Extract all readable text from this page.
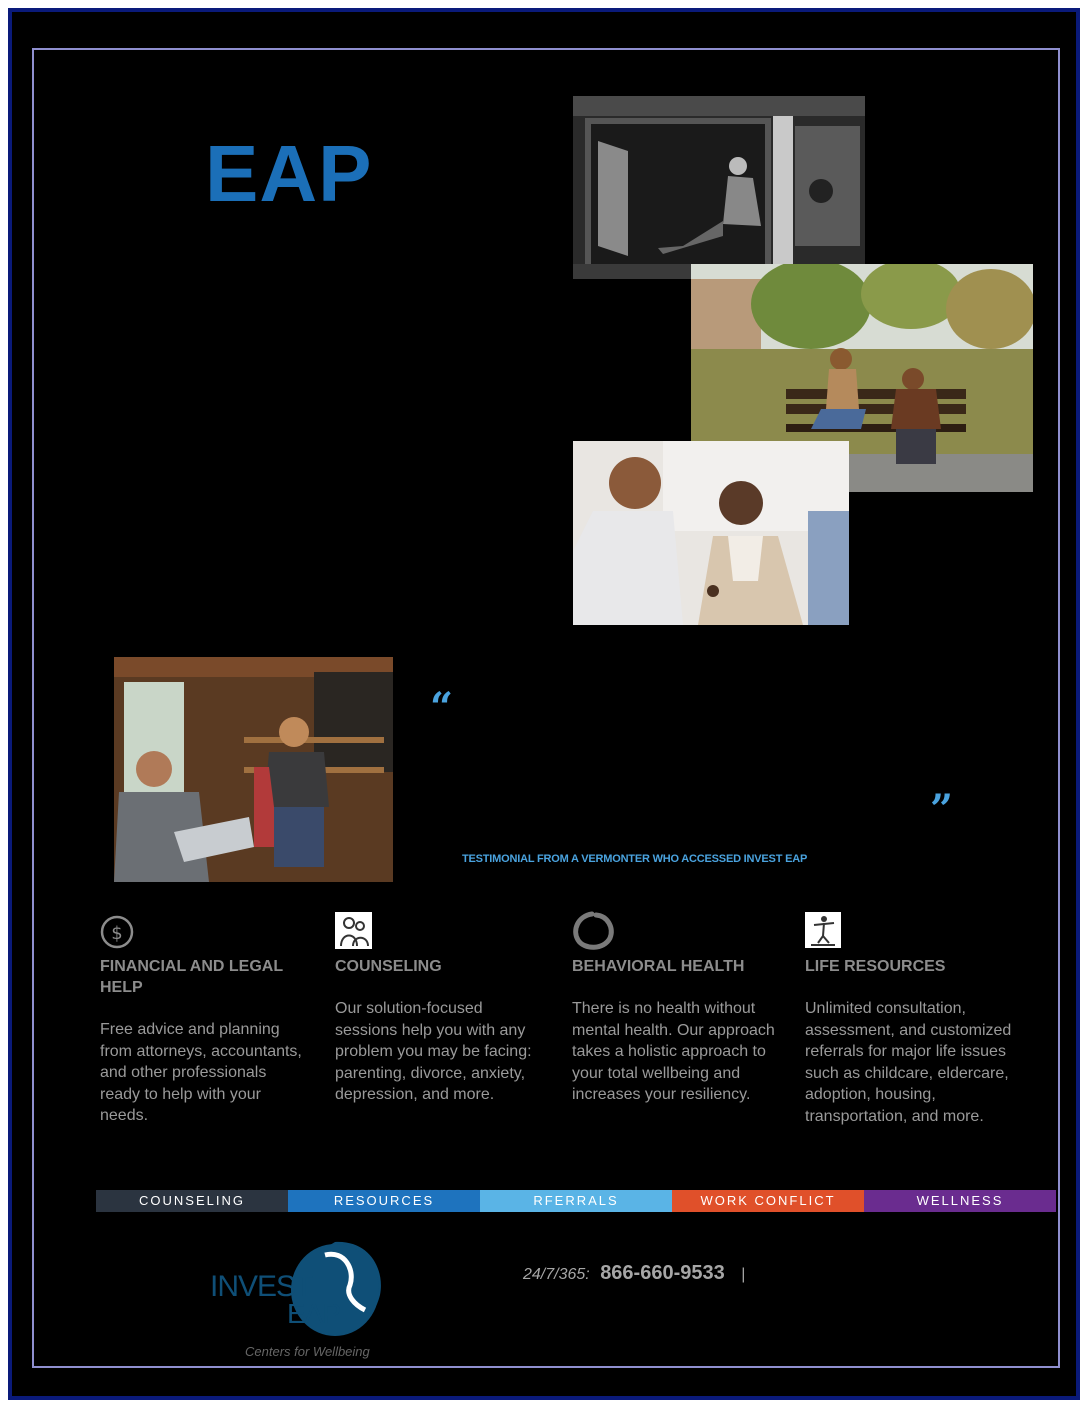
EAP
“
”
TESTIMONIAL FROM A VERMONTER WHO ACCESSED INVEST EAP
$
FINANCIAL AND LEGAL HELP

Free advice and planning from attorneys, accountants, and other professionals ready to help with your needs.

COUNSELING

Our solution-focused sessions help you with any problem you may be facing: parenting, divorce, anxiety, depression, and more.

BEHAVIORAL HEALTH

There is no health without mental health. Our approach takes a holistic approach to your total wellbeing and increases your resiliency.

LIFE RESOURCES

Unlimited consultation, assessment, and customized referrals for major life issues such as childcare, eldercare, adoption, housing, transportation, and more.

COUNSELING	RESOURCES	RFERRALS	WORK CONFLICT	WELLNESS
INVEST
EAP
Centers for Wellbeing
24/7/365: 866-660-9533 |
